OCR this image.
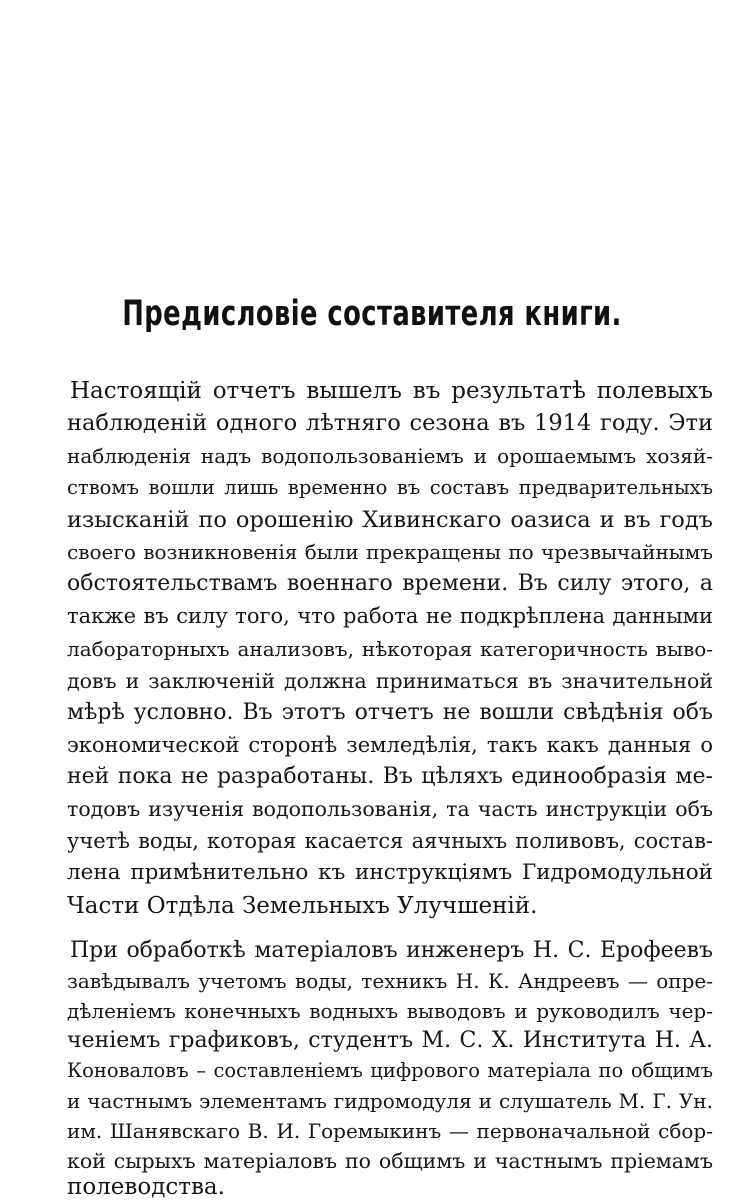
Предисловіе составителя книги.
Настоящій отчетъ вышелъ въ результатѣ полевыхъ
наблюденій одного лѣтняго сезона въ 1914 году. Эти
наблюденія надъ водопользованіемъ и орошаемымъ хозяй-
ствомъ вошли лишь временно въ составъ предварительныхъ
изысканій по орошенію Хивинскаго оазиса и въ годъ
своего возникновенія были прекращены по чрезвычайнымъ
обстоятельствамъ военнаго времени. Въ силу этого, а
также въ силу того, что работа не подкрѣплена данными
лабораторныхъ анализовъ, нѣкоторая категоричность выво-
довъ и заключеній должна приниматься въ значительной
мѣрѣ условно. Въ этотъ отчетъ не вошли свѣдѣнія объ
экономической сторонѣ земледѣлія, такъ какъ данныя о
ней пока не разработаны. Въ цѣляхъ единообразія ме-
тодовъ изученія водопользованія, та часть инструкціи объ
учетѣ воды, которая касается аячныхъ поливовъ, состав-
лена примѣнительно къ инструкціямъ Гидромодульной
Части Отдѣла Земельныхъ Улучшеній.
При обработкѣ матеріаловъ инженеръ Н. С. Ерофеевъ
завѣдывалъ учетомъ воды, техникъ Н. К. Андреевъ — опре-
дѣленіемъ конечныхъ водныхъ выводовъ и руководилъ чер-
ченіемъ графиковъ, студентъ М. С. Х. Института Н. А.
Коноваловъ – составленіемъ цифрового матеріала по общимъ
и частнымъ элементамъ гидромодуля и слушатель М. Г. Ун.
им. Шанявскаго В. И. Горемыкинъ — первоначальной сбор-
кой сырыхъ матеріаловъ по общимъ и частнымъ пріемамъ
полеводства.
